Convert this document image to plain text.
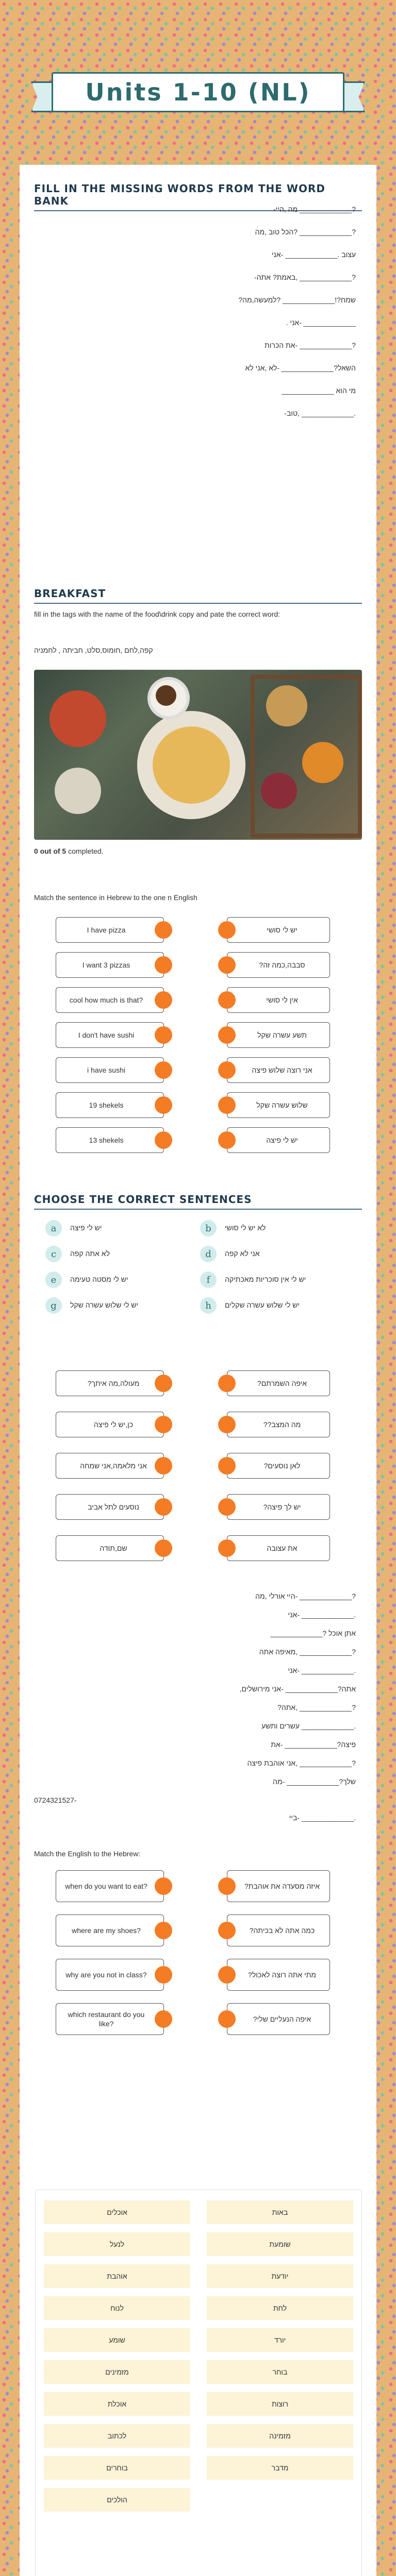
Units 1-10 (NL)
FILL IN THE MISSING WORDS FROM THE WORD BANK
?_____________ מה ,היי-
?_____________ ?הכל טוב ,מה
עצוב ._____________ -אני
?_____________ ,באמת? אתה-
שמח?!_____________ ?למעשה,מה?
_____________ -אני .
?_____________ -את הכרות
השאל?_____________ -לא ,אני לא
מי הוא _____________
._____________ ,טוב-
BREAKFAST
fill in the tags with the name of the food\drink copy and pate the correct word:
קפה,לחם ,חומוס,סלט, חביתה , לחמניה
0 out of 5 completed.
Match the sentence in Hebrew to the one n English
I have pizza
I want 3 pizzas
cool how much is that?
I don't have sushi
i have sushi
19 shekels
13 shekels
יש לי סושי
סבבה,כמה זה?
אין לי סושי
תשע עשרה שקל
אני רוצה שלוש פיצה
שלוש עשרה שקל
יש לי פיצה
CHOOSE THE CORRECT SENTENCES
a	יש לי פיצה	b	לא יש לי סושי
c	לא אתה קפה	d	אני לא קפה
e	יש לי מסטה טעימה	f	יש לי אין סוכריות מאכתיקה
g	יש לי שלוש עשרה שקל	h	יש לי שלוש עשרה שקלים
מעולה,מה איתך?
כן,יש לי פיצה
אני מלאמה,אני שמחה
נוסעים לתל אביב
שם,תודה
איפה השמרתם?
מה המצב??
לאן נוסעים?
יש לך פיצה?
את עצובה
?_____________ -היי אורלי ,מה
._____________ -אני
אתן אוכל ?_____________
?_____________ ,מאיפה אתה
._____________ -אני
אתה?_____________ -אני מירושלים,
?_____________ ,אתה?
._____________ עשרים ותשע
פיצה?_____________ -את
?_____________ ,אני אוהבת פיצה
שלך?_____________ -מה
0724321527-
._____________ -ביי
Match the English to the Hebrew:
when do you want to eat?
where are my shoes?
why are you not in class?
which restaurant do you like?
איזה מסעדה את אוהבת?
כמה אתה לא בכיתה?
מתי אתה רוצה לאכול?
איפה הנעליים שלי?
אוכלים	באות
לנעל	שומעת
אוהבת	יודעת
לנוח	לחת
שומע	יורד
מזמינים	בוחר
אוכלת	רוצות
לכתוב	מזמינה
בוחרים	מדבר
הולכים
